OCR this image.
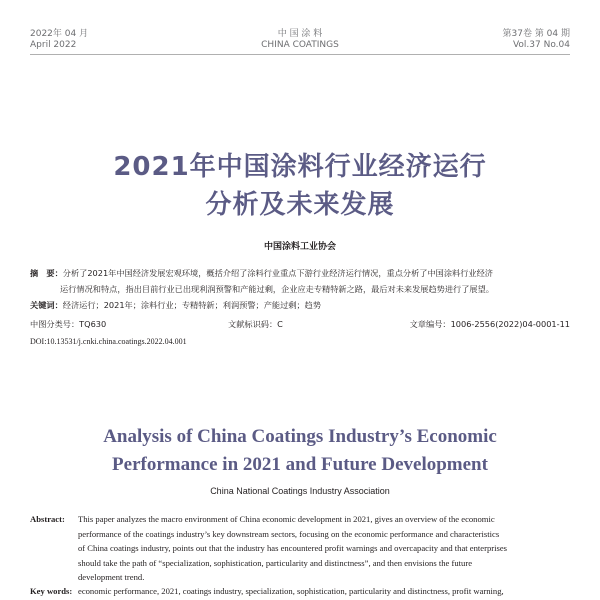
2022年 04 月
April 2022
中 国 涂 料
CHINA COATINGS
第37卷 第 04 期
Vol.37 No.04
2021年中国涂料行业经济运行
分析及未来发展
中国涂料工业协会
摘　要：分析了2021年中国经济发展宏观环境，概括介绍了涂料行业重点下游行业经济运行情况，重点分析了中国涂料行业经济
运行情况和特点，指出目前行业已出现利润预警和产能过剩，企业应走专精特新之路，最后对未来发展趋势进行了展望。
关键词：经济运行；2021年；涂料行业；专精特新；利润预警；产能过剩；趋势
中图分类号：TQ630	文献标识码：C	文章编号：1006-2556(2022)04-0001-11
DOI:10.13531/j.cnki.china.coatings.2022.04.001
Analysis of China Coatings Industry’s Economic
Performance in 2021 and Future Development
China National Coatings Industry Association
Abstract:	This paper analyzes the macro environment of China economic development in 2021, gives an overview of the economic
performance of the coatings industry’s key downstream sectors, focusing on the economic performance and characteristics
of China coatings industry, points out that the industry has encountered profit warnings and overcapacity and that enterprises
should take the path of “specialization, sophistication, particularity and distinctness”, and then envisions the future
development trend.
Key words: economic performance, 2021, coatings industry, specialization, sophistication, particularity and distinctness, profit warning,
